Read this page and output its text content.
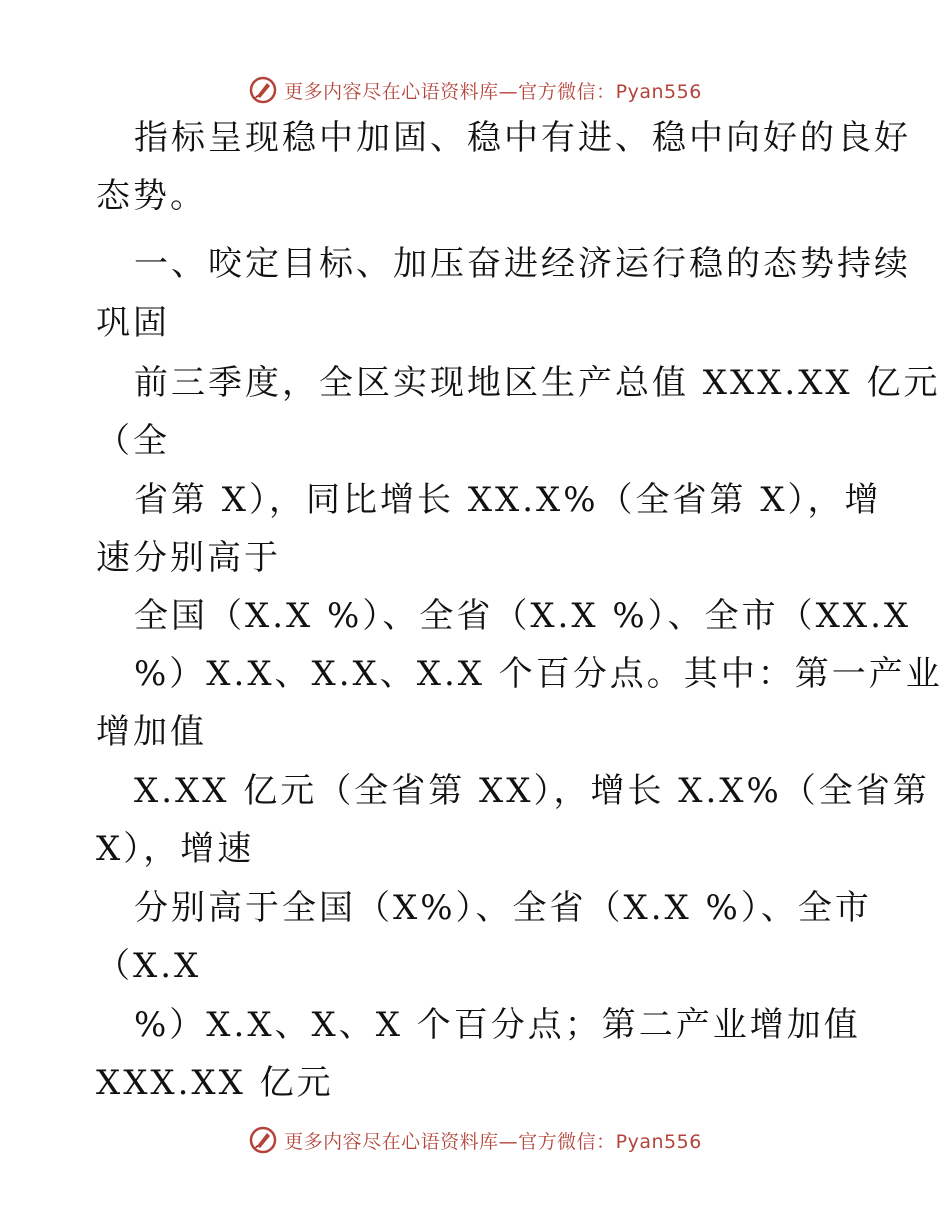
更多内容尽在心语资料库—官方微信：Pyan556
指标呈现稳中加固、稳中有进、稳中向好的良好
态势。
一、咬定目标、加压奋进经济运行稳的态势持续
巩固
前三季度，全区实现地区生产总值 XXX.XX 亿元
（全
省第 X），同比增长 XX.X%（全省第 X），增
速分别高于
全国（X.X %）、全省（X.X %）、全市（XX.X
%）X.X、X.X、X.X 个百分点。其中：第一产业
增加值
X.XX 亿元（全省第 XX），增长 X.X%（全省第
X），增速
分别高于全国（X%）、全省（X.X %）、全市
（X.X
%）X.X、X、X 个百分点；第二产业增加值
XXX.XX 亿元
更多内容尽在心语资料库—官方微信：Pyan556
